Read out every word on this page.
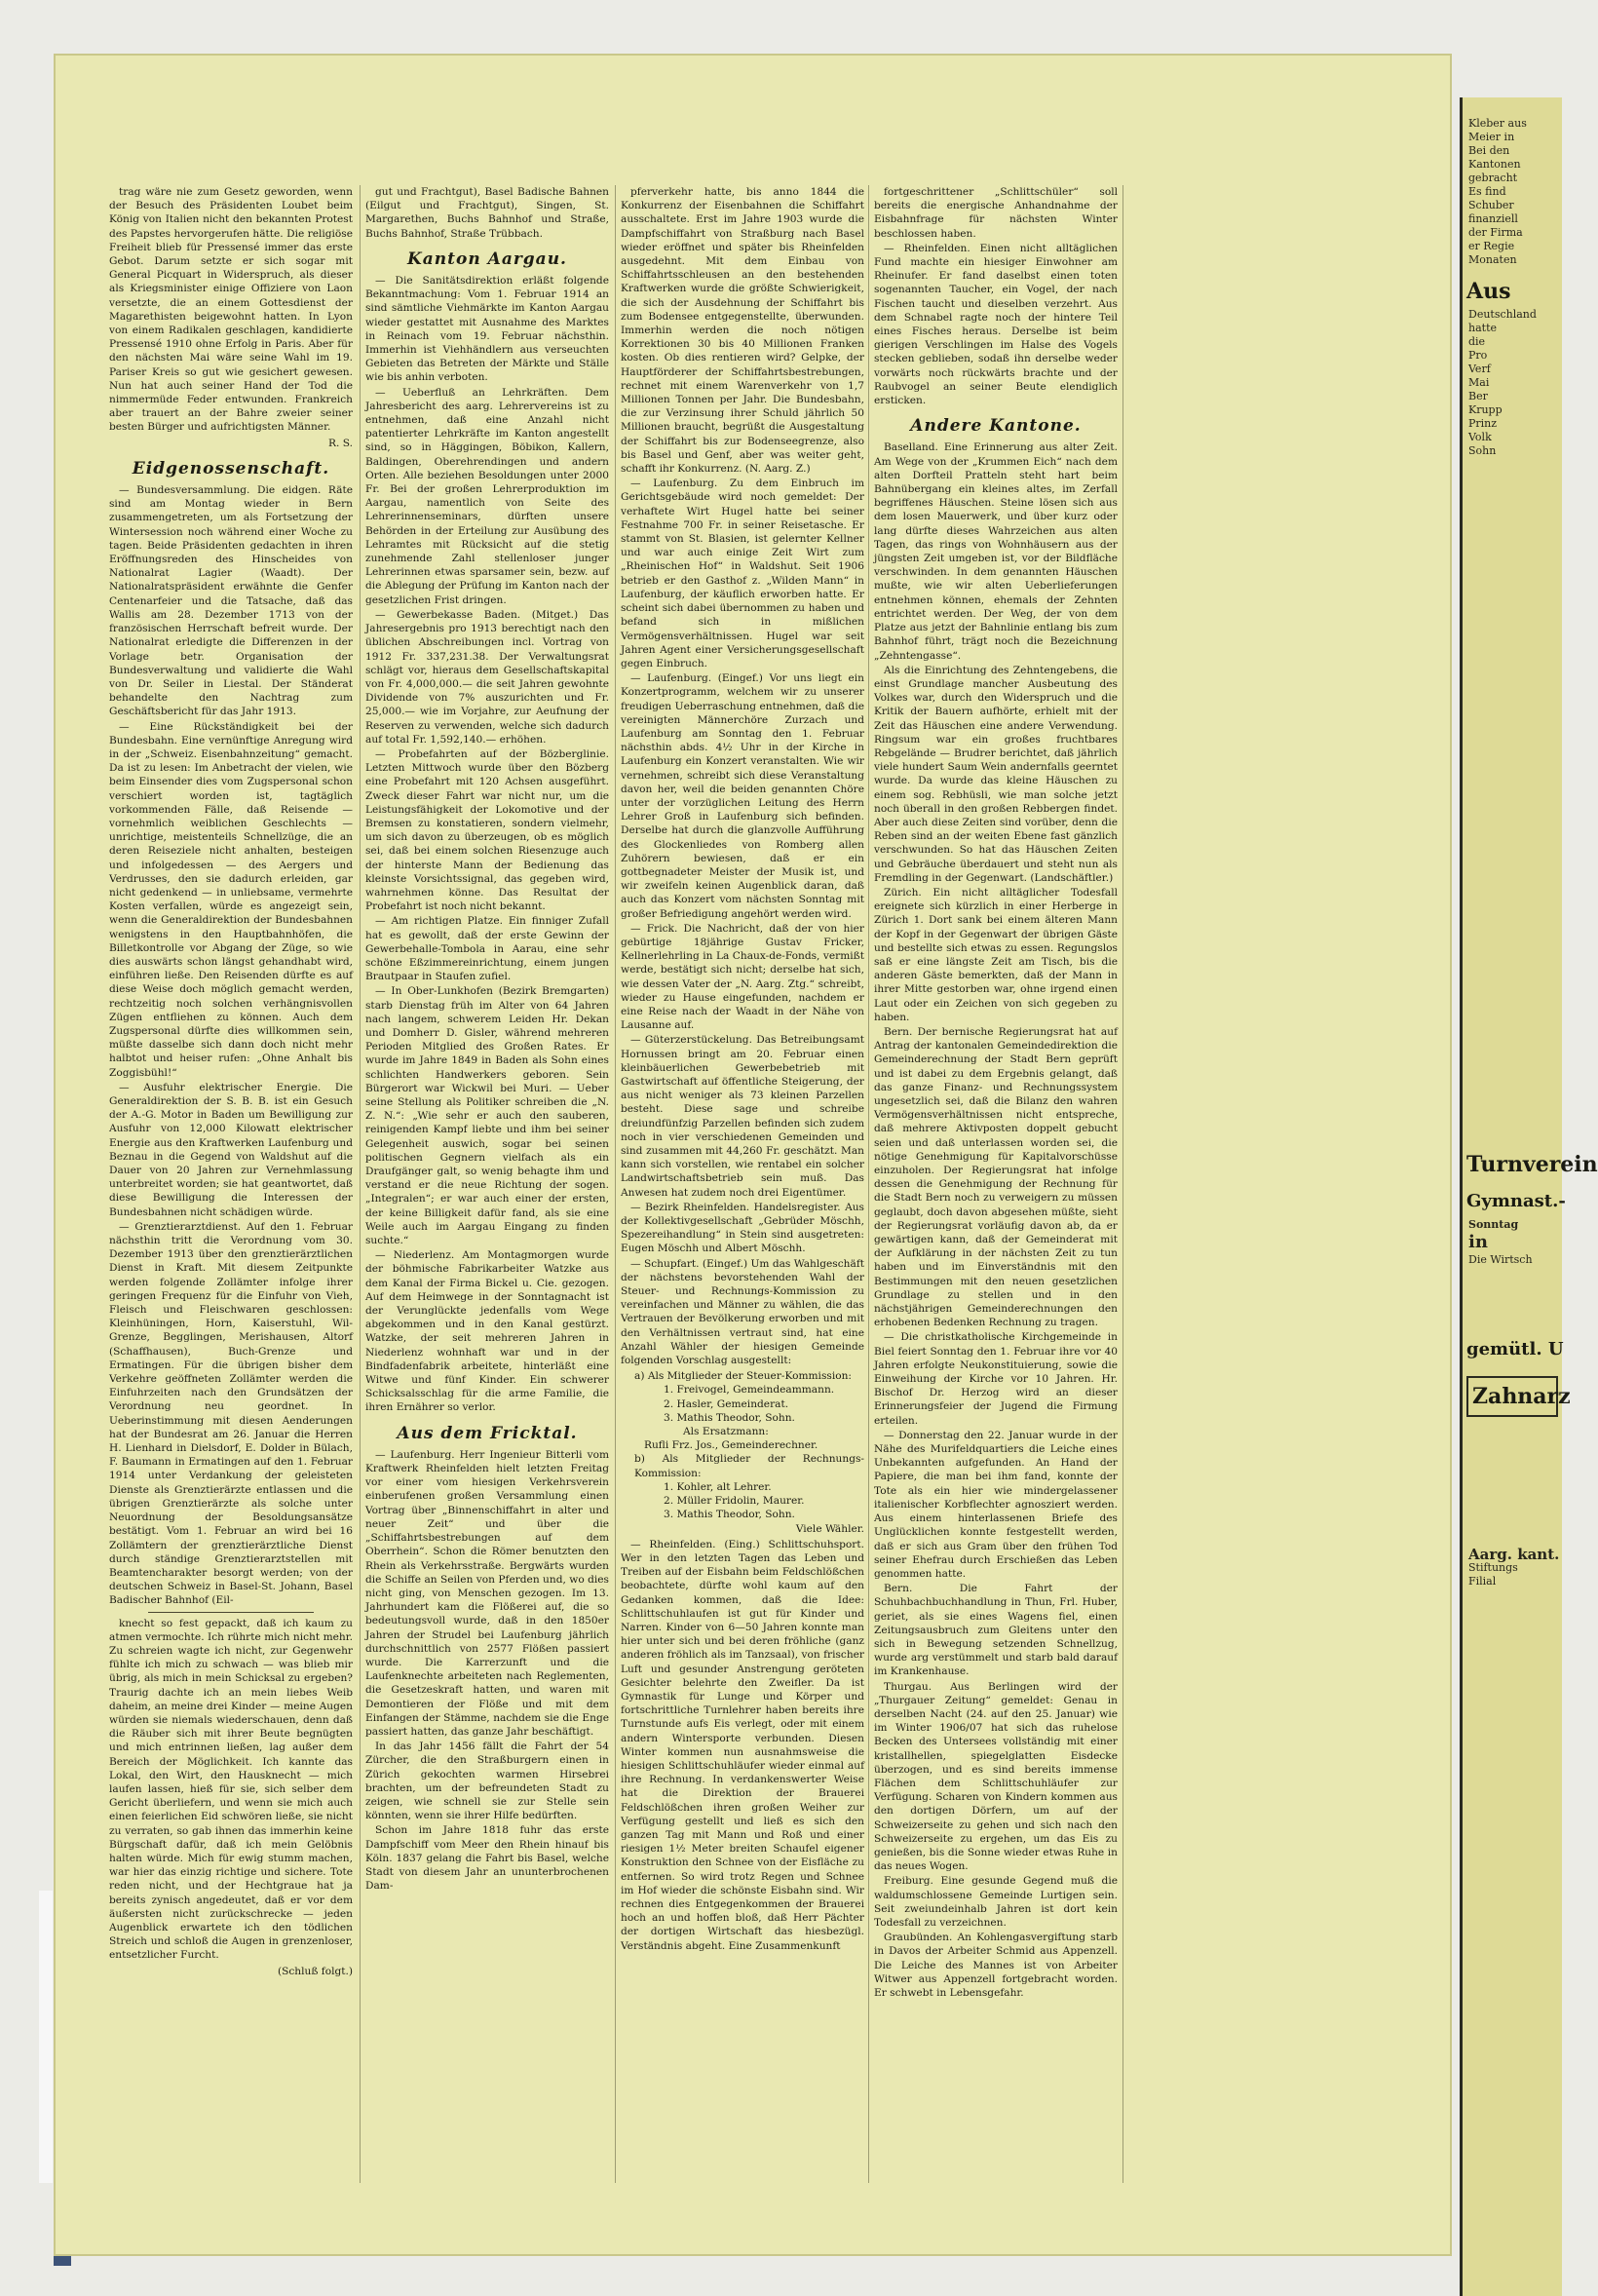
trag wäre nie zum Gesetz geworden, wenn der Besuch des Präsidenten Loubet beim König von Italien nicht den bekannten Protest des Papstes hervorgerufen hätte. Die religiöse Freiheit blieb für Pressensé immer das erste Gebot. Darum setzte er sich sogar mit General Picquart in Widerspruch, als dieser als Kriegsminister einige Offiziere von Laon versetzte, die an einem Gottesdienst der Magarethisten beigewohnt hatten. In Lyon von einem Radikalen geschlagen, kandidierte Pressensé 1910 ohne Erfolg in Paris. Aber für den nächsten Mai wäre seine Wahl im 19. Pariser Kreis so gut wie gesichert gewesen. Nun hat auch seiner Hand der Tod die nimmermüde Feder entwunden. Frankreich aber trauert an der Bahre zweier seiner besten Bürger und aufrichtigsten Männer.

R. S.
Eidgenossenschaft.

— Bundesversammlung. Die eidgen. Räte sind am Montag wieder in Bern zusammengetreten, um als Fortsetzung der Wintersession noch während einer Woche zu tagen. Beide Präsidenten gedachten in ihren Eröffnungsreden des Hinscheides von Nationalrat Lagier (Waadt). Der Nationalratspräsident erwähnte die Genfer Centenarfeier und die Tatsache, daß das Wallis am 28. Dezember 1713 von der französischen Herrschaft befreit wurde. Der Nationalrat erledigte die Differenzen in der Vorlage betr. Organisation der Bundesverwaltung und validierte die Wahl von Dr. Seiler in Liestal. Der Ständerat behandelte den Nachtrag zum Geschäftsbericht für das Jahr 1913.

— Eine Rückständigkeit bei der Bundesbahn. Eine vernünftige Anregung wird in der „Schweiz. Eisenbahnzeitung“ gemacht. Da ist zu lesen: Im Anbetracht der vielen, wie beim Einsender dies vom Zugspersonal schon verschiert worden ist, tagtäglich vorkommenden Fälle, daß Reisende — vornehmlich weiblichen Geschlechts — unrichtige, meistenteils Schnellzüge, die an deren Reiseziele nicht anhalten, besteigen und infolgedessen — des Aergers und Verdrusses, den sie dadurch erleiden, gar nicht gedenkend — in unliebsame, vermehrte Kosten verfallen, würde es angezeigt sein, wenn die Generaldirektion der Bundesbahnen wenigstens in den Hauptbahnhöfen, die Billetkontrolle vor Abgang der Züge, so wie dies auswärts schon längst gehandhabt wird, einführen ließe. Den Reisenden dürfte es auf diese Weise doch möglich gemacht werden, rechtzeitig noch solchen verhängnisvollen Zügen entfliehen zu können. Auch dem Zugspersonal dürfte dies willkommen sein, müßte dasselbe sich dann doch nicht mehr halbtot und heiser rufen: „Ohne Anhalt bis Zoggisbühl!“

— Ausfuhr elektrischer Energie. Die Generaldirektion der S. B. B. ist ein Gesuch der A.-G. Motor in Baden um Bewilligung zur Ausfuhr von 12,000 Kilowatt elektrischer Energie aus den Kraftwerken Laufenburg und Beznau in die Gegend von Waldshut auf die Dauer von 20 Jahren zur Vernehmlassung unterbreitet worden; sie hat geantwortet, daß diese Bewilligung die Interessen der Bundesbahnen nicht schädigen würde.

— Grenztierarztdienst. Auf den 1. Februar nächsthin tritt die Verordnung vom 30. Dezember 1913 über den grenztierärztlichen Dienst in Kraft. Mit diesem Zeitpunkte werden folgende Zollämter infolge ihrer geringen Frequenz für die Einfuhr von Vieh, Fleisch und Fleischwaren geschlossen: Kleinhüningen, Horn, Kaiserstuhl, Wil-Grenze, Begglingen, Merishausen, Altorf (Schaffhausen), Buch-Grenze und Ermatingen. Für die übrigen bisher dem Verkehre geöffneten Zollämter werden die Einfuhrzeiten nach den Grundsätzen der Verordnung neu geordnet. In Ueberinstimmung mit diesen Aenderungen hat der Bundesrat am 26. Januar die Herren H. Lienhard in Dielsdorf, E. Dolder in Bülach, F. Baumann in Ermatingen auf den 1. Februar 1914 unter Verdankung der geleisteten Dienste als Grenztierärzte entlassen und die übrigen Grenztierärzte als solche unter Neuordnung der Besoldungsansätze bestätigt. Vom 1. Februar an wird bei 16 Zollämtern der grenztierärztliche Dienst durch ständige Grenztierarztstellen mit Beamtencharakter besorgt werden; von der deutschen Schweiz in Basel-St. Johann, Basel Badischer Bahnhof (Eil-

knecht so fest gepackt, daß ich kaum zu atmen vermochte. Ich rührte mich nicht mehr. Zu schreien wagte ich nicht, zur Gegenwehr fühlte ich mich zu schwach — was blieb mir übrig, als mich in mein Schicksal zu ergeben? Traurig dachte ich an mein liebes Weib daheim, an meine drei Kinder — meine Augen würden sie niemals wiederschauen, denn daß die Räuber sich mit ihrer Beute begnügten und mich entrinnen ließen, lag außer dem Bereich der Möglichkeit. Ich kannte das Lokal, den Wirt, den Hausknecht — mich laufen lassen, hieß für sie, sich selber dem Gericht überliefern, und wenn sie mich auch einen feierlichen Eid schwören ließe, sie nicht zu verraten, so gab ihnen das immerhin keine Bürgschaft dafür, daß ich mein Gelöbnis halten würde. Mich für ewig stumm machen, war hier das einzig richtige und sichere. Tote reden nicht, und der Hechtgraue hat ja bereits zynisch angedeutet, daß er vor dem äußersten nicht zurückschrecke — jeden Augenblick erwartete ich den tödlichen Streich und schloß die Augen in grenzenloser, entsetzlicher Furcht.

(Schluß folgt.)

gut und Frachtgut), Basel Badische Bahnen (Eilgut und Frachtgut), Singen, St. Margarethen, Buchs Bahnhof und Straße, Buchs Bahnhof, Straße Trübbach.

Kanton Aargau.

— Die Sanitätsdirektion erläßt folgende Bekanntmachung: Vom 1. Februar 1914 an sind sämtliche Viehmärkte im Kanton Aargau wieder gestattet mit Ausnahme des Marktes in Reinach vom 19. Februar nächsthin. Immerhin ist Viehhändlern aus verseuchten Gebieten das Betreten der Märkte und Ställe wie bis anhin verboten.

— Ueberfluß an Lehrkräften. Dem Jahresbericht des aarg. Lehrervereins ist zu entnehmen, daß eine Anzahl nicht patentierter Lehrkräfte im Kanton angestellt sind, so in Häggingen, Böbikon, Kallern, Baldingen, Oberehrendingen und andern Orten. Alle beziehen Besoldungen unter 2000 Fr. Bei der großen Lehrerproduktion im Aargau, namentlich von Seite des Lehrerinnenseminars, dürften unsere Behörden in der Erteilung zur Ausübung des Lehramtes mit Rücksicht auf die stetig zunehmende Zahl stellenloser junger Lehrerinnen etwas sparsamer sein, bezw. auf die Ablegung der Prüfung im Kanton nach der gesetzlichen Frist dringen.

— Gewerbekasse Baden. (Mitget.) Das Jahresergebnis pro 1913 berechtigt nach den üblichen Abschreibungen incl. Vortrag von 1912 Fr. 337,231.38. Der Verwaltungsrat schlägt vor, hieraus dem Gesellschaftskapital von Fr. 4,000,000.— die seit Jahren gewohnte Dividende von 7% auszurichten und Fr. 25,000.— wie im Vorjahre, zur Aeufnung der Reserven zu verwenden, welche sich dadurch auf total Fr. 1,592,140.— erhöhen.

— Probefahrten auf der Bözberglinie. Letzten Mittwoch wurde über den Bözberg eine Probefahrt mit 120 Achsen ausgeführt. Zweck dieser Fahrt war nicht nur, um die Leistungsfähigkeit der Lokomotive und der Bremsen zu konstatieren, sondern vielmehr, um sich davon zu überzeugen, ob es möglich sei, daß bei einem solchen Riesenzuge auch der hinterste Mann der Bedienung das kleinste Vorsichtssignal, das gegeben wird, wahrnehmen könne. Das Resultat der Probefahrt ist noch nicht bekannt.

— Am richtigen Platze. Ein finniger Zufall hat es gewollt, daß der erste Gewinn der Gewerbehalle-Tombola in Aarau, eine sehr schöne Eßzimmereinrichtung, einem jungen Brautpaar in Staufen zufiel.

— In Ober-Lunkhofen (Bezirk Bremgarten) starb Dienstag früh im Alter von 64 Jahren nach langem, schwerem Leiden Hr. Dekan und Domherr D. Gisler, während mehreren Perioden Mitglied des Großen Rates. Er wurde im Jahre 1849 in Baden als Sohn eines schlichten Handwerkers geboren. Sein Bürgerort war Wickwil bei Muri. — Ueber seine Stellung als Politiker schreiben die „N. Z. N.“: „Wie sehr er auch den sauberen, reinigenden Kampf liebte und ihm bei seiner Gelegenheit auswich, sogar bei seinen politischen Gegnern vielfach als ein Draufgänger galt, so wenig behagte ihm und verstand er die neue Richtung der sogen. „Integralen“; er war auch einer der ersten, der keine Billigkeit dafür fand, als sie eine Weile auch im Aargau Eingang zu finden suchte.“

— Niederlenz. Am Montagmorgen wurde der böhmische Fabrikarbeiter Watzke aus dem Kanal der Firma Bickel u. Cie. gezogen. Auf dem Heimwege in der Sonntagnacht ist der Verunglückte jedenfalls vom Wege abgekommen und in den Kanal gestürzt. Watzke, der seit mehreren Jahren in Niederlenz wohnhaft war und in der Bindfadenfabrik arbeitete, hinterläßt eine Witwe und fünf Kinder. Ein schwerer Schicksalsschlag für die arme Familie, die ihren Ernährer so verlor.

Aus dem Fricktal.

— Laufenburg. Herr Ingenieur Bitterli vom Kraftwerk Rheinfelden hielt letzten Freitag vor einer vom hiesigen Verkehrsverein einberufenen großen Versammlung einen Vortrag über „Binnenschiffahrt in alter und neuer Zeit“ und über die „Schiffahrtsbestrebungen auf dem Oberrhein“. Schon die Römer benutzten den Rhein als Verkehrsstraße. Bergwärts wurden die Schiffe an Seilen von Pferden und, wo dies nicht ging, von Menschen gezogen. Im 13. Jahrhundert kam die Flößerei auf, die so bedeutungsvoll wurde, daß in den 1850er Jahren der Strudel bei Laufenburg jährlich durchschnittlich von 2577 Flößen passiert wurde. Die Karrerzunft und die Laufenknechte arbeiteten nach Reglementen, die Gesetzeskraft hatten, und waren mit Demontieren der Flöße und mit dem Einfangen der Stämme, nachdem sie die Enge passiert hatten, das ganze Jahr beschäftigt.

In das Jahr 1456 fällt die Fahrt der 54 Zürcher, die den Straßburgern einen in Zürich gekochten warmen Hirsebrei brachten, um der befreundeten Stadt zu zeigen, wie schnell sie zur Stelle sein könnten, wenn sie ihrer Hilfe bedürften.

Schon im Jahre 1818 fuhr das erste Dampfschiff vom Meer den Rhein hinauf bis Köln. 1837 gelang die Fahrt bis Basel, welche Stadt von diesem Jahr an ununterbrochenen Dam-

pferverkehr hatte, bis anno 1844 die Konkurrenz der Eisenbahnen die Schiffahrt ausschaltete. Erst im Jahre 1903 wurde die Dampfschiffahrt von Straßburg nach Basel wieder eröffnet und später bis Rheinfelden ausgedehnt. Mit dem Einbau von Schiffahrtsschleusen an den bestehenden Kraftwerken wurde die größte Schwierigkeit, die sich der Ausdehnung der Schiffahrt bis zum Bodensee entgegenstellte, überwunden. Immerhin werden die noch nötigen Korrektionen 30 bis 40 Millionen Franken kosten. Ob dies rentieren wird? Gelpke, der Hauptförderer der Schiffahrtsbestrebungen, rechnet mit einem Warenverkehr von 1,7 Millionen Tonnen per Jahr. Die Bundesbahn, die zur Verzinsung ihrer Schuld jährlich 50 Millionen braucht, begrüßt die Ausgestaltung der Schiffahrt bis zur Bodenseegrenze, also bis Basel und Genf, aber was weiter geht, schafft ihr Konkurrenz. (N. Aarg. Z.)

— Laufenburg. Zu dem Einbruch im Gerichtsgebäude wird noch gemeldet: Der verhaftete Wirt Hugel hatte bei seiner Festnahme 700 Fr. in seiner Reisetasche. Er stammt von St. Blasien, ist gelernter Kellner und war auch einige Zeit Wirt zum „Rheinischen Hof“ in Waldshut. Seit 1906 betrieb er den Gasthof z. „Wilden Mann“ in Laufenburg, der käuflich erworben hatte. Er scheint sich dabei übernommen zu haben und befand sich in mißlichen Vermögensverhältnissen. Hugel war seit Jahren Agent einer Versicherungsgesellschaft gegen Einbruch.

— Laufenburg. (Eingef.) Vor uns liegt ein Konzertprogramm, welchem wir zu unserer freudigen Ueberraschung entnehmen, daß die vereinigten Männerchöre Zurzach und Laufenburg am Sonntag den 1. Februar nächsthin abds. 4½ Uhr in der Kirche in Laufenburg ein Konzert veranstalten. Wie wir vernehmen, schreibt sich diese Veranstaltung davon her, weil die beiden genannten Chöre unter der vorzüglichen Leitung des Herrn Lehrer Groß in Laufenburg sich befinden. Derselbe hat durch die glanzvolle Aufführung des Glockenliedes von Romberg allen Zuhörern bewiesen, daß er ein gottbegnadeter Meister der Musik ist, und wir zweifeln keinen Augenblick daran, daß auch das Konzert vom nächsten Sonntag mit großer Befriedigung angehört werden wird.

— Frick. Die Nachricht, daß der von hier gebürtige 18jährige Gustav Fricker, Kellnerlehrling in La Chaux-de-Fonds, vermißt werde, bestätigt sich nicht; derselbe hat sich, wie dessen Vater der „N. Aarg. Ztg.“ schreibt, wieder zu Hause eingefunden, nachdem er eine Reise nach der Waadt in der Nähe von Lausanne auf.

— Güterzerstückelung. Das Betreibungsamt Hornussen bringt am 20. Februar einen kleinbäuerlichen Gewerbebetrieb mit Gastwirtschaft auf öffentliche Steigerung, der aus nicht weniger als 73 kleinen Parzellen besteht. Diese sage und schreibe dreiundfünfzig Parzellen befinden sich zudem noch in vier verschiedenen Gemeinden und sind zusammen mit 44,260 Fr. geschätzt. Man kann sich vorstellen, wie rentabel ein solcher Landwirtschaftsbetrieb sein muß. Das Anwesen hat zudem noch drei Eigentümer.

— Bezirk Rheinfelden. Handelsregister. Aus der Kollektivgesellschaft „Gebrüder Möschh, Spezereihandlung“ in Stein sind ausgetreten: Eugen Möschh und Albert Möschh.

— Schupfart. (Eingef.) Um das Wahlgeschäft der nächstens bevorstehenden Wahl der Steuer- und Rechnungs-Kommission zu vereinfachen und Männer zu wählen, die das Vertrauen der Bevölkerung erworben und mit den Verhältnissen vertraut sind, hat eine Anzahl Wähler der hiesigen Gemeinde folgenden Vorschlag ausgestellt:

a) Als Mitglieder der Steuer-Kommission:
1. Freivogel, Gemeindeammann.
2. Hasler, Gemeinderat.
3. Mathis Theodor, Sohn.
Als Ersatzmann:
Rufli Frz. Jos., Gemeinderechner.
b) Als Mitglieder der Rechnungs-Kommission:
1. Kohler, alt Lehrer.
2. Müller Fridolin, Maurer.
3. Mathis Theodor, Sohn.
Viele Wähler.

— Rheinfelden. (Eing.) Schlittschuhsport. Wer in den letzten Tagen das Leben und Treiben auf der Eisbahn beim Feldschlößchen beobachtete, dürfte wohl kaum auf den Gedanken kommen, daß die Idee: Schlittschuhlaufen ist gut für Kinder und Narren. Kinder von 6—50 Jahren konnte man hier unter sich und bei deren fröhliche (ganz anderen fröhlich als im Tanzsaal), von frischer Luft und gesunder Anstrengung geröteten Gesichter belehrte den Zweifler. Da ist Gymnastik für Lunge und Körper und fortschrittliche Turnlehrer haben bereits ihre Turnstunde aufs Eis verlegt, oder mit einem andern Wintersporte verbunden. Diesen Winter kommen nun ausnahmsweise die hiesigen Schlittschuhläufer wieder einmal auf ihre Rechnung. In verdankenswerter Weise hat die Direktion der Brauerei Feldschlößchen ihren großen Weiher zur Verfügung gestellt und ließ es sich den ganzen Tag mit Mann und Roß und einer riesigen 1½ Meter breiten Schaufel eigener Konstruktion den Schnee von der Eisfläche zu entfernen. So wird trotz Regen und Schnee im Hof wieder die schönste Eisbahn sind. Wir rechnen dies Entgegenkommen der Brauerei hoch an und hoffen bloß, daß Herr Pächter der dortigen Wirtschaft das hiesbezügl. Verständnis abgeht. Eine Zusammenkunft

fortgeschrittener „Schlittschüler“ soll bereits die energische Anhandnahme der Eisbahnfrage für nächsten Winter beschlossen haben.

— Rheinfelden. Einen nicht alltäglichen Fund machte ein hiesiger Einwohner am Rheinufer. Er fand daselbst einen toten sogenannten Taucher, ein Vogel, der nach Fischen taucht und dieselben verzehrt. Aus dem Schnabel ragte noch der hintere Teil eines Fisches heraus. Derselbe ist beim gierigen Verschlingen im Halse des Vogels stecken geblieben, sodaß ihn derselbe weder vorwärts noch rückwärts brachte und der Raubvogel an seiner Beute elendiglich ersticken.

Andere Kantone.

Baselland. Eine Erinnerung aus alter Zeit. Am Wege von der „Krummen Eich“ nach dem alten Dorfteil Pratteln steht hart beim Bahnübergang ein kleines altes, im Zerfall begriffenes Häuschen. Steine lösen sich aus dem losen Mauerwerk, und über kurz oder lang dürfte dieses Wahrzeichen aus alten Tagen, das rings von Wohnhäusern aus der jüngsten Zeit umgeben ist, vor der Bildfläche verschwinden. In dem genannten Häuschen mußte, wie wir alten Ueberlieferungen entnehmen können, ehemals der Zehnten entrichtet werden. Der Weg, der von dem Platze aus jetzt der Bahnlinie entlang bis zum Bahnhof führt, trägt noch die Bezeichnung „Zehntengasse“.

Als die Einrichtung des Zehntengebens, die einst Grundlage mancher Ausbeutung des Volkes war, durch den Widerspruch und die Kritik der Bauern aufhörte, erhielt mit der Zeit das Häuschen eine andere Verwendung. Ringsum war ein großes fruchtbares Rebgelände — Brudrer berichtet, daß jährlich viele hundert Saum Wein andernfalls geerntet wurde. Da wurde das kleine Häuschen zu einem sog. Rebhüsli, wie man solche jetzt noch überall in den großen Rebbergen findet. Aber auch diese Zeiten sind vorüber, denn die Reben sind an der weiten Ebene fast gänzlich verschwunden. So hat das Häuschen Zeiten und Gebräuche überdauert und steht nun als Fremdling in der Gegenwart. (Landschäftler.)

Zürich. Ein nicht alltäglicher Todesfall ereignete sich kürzlich in einer Herberge in Zürich 1. Dort sank bei einem älteren Mann der Kopf in der Gegenwart der übrigen Gäste und bestellte sich etwas zu essen. Regungslos saß er eine längste Zeit am Tisch, bis die anderen Gäste bemerkten, daß der Mann in ihrer Mitte gestorben war, ohne irgend einen Laut oder ein Zeichen von sich gegeben zu haben.

Bern. Der bernische Regierungsrat hat auf Antrag der kantonalen Gemeindedirektion die Gemeinderechnung der Stadt Bern geprüft und ist dabei zu dem Ergebnis gelangt, daß das ganze Finanz- und Rechnungssystem ungesetzlich sei, daß die Bilanz den wahren Vermögensverhältnissen nicht entspreche, daß mehrere Aktivposten doppelt gebucht seien und daß unterlassen worden sei, die nötige Genehmigung für Kapitalvorschüsse einzuholen. Der Regierungsrat hat infolge dessen die Genehmigung der Rechnung für die Stadt Bern noch zu verweigern zu müssen geglaubt, doch davon abgesehen müßte, sieht der Regierungsrat vorläufig davon ab, da er gewärtigen kann, daß der Gemeinderat mit der Aufklärung in der nächsten Zeit zu tun haben und im Einverständnis mit den Bestimmungen mit den neuen gesetzlichen Grundlage zu stellen und in den nächstjährigen Gemeinderechnungen den erhobenen Bedenken Rechnung zu tragen.

— Die christkatholische Kirchgemeinde in Biel feiert Sonntag den 1. Februar ihre vor 40 Jahren erfolgte Neukonstituierung, sowie die Einweihung der Kirche vor 10 Jahren. Hr. Bischof Dr. Herzog wird an dieser Erinnerungsfeier der Jugend die Firmung erteilen.

— Donnerstag den 22. Januar wurde in der Nähe des Murifeldquartiers die Leiche eines Unbekannten aufgefunden. An Hand der Papiere, die man bei ihm fand, konnte der Tote als ein hier wie mindergelassener italienischer Korbflechter agnosziert werden. Aus einem hinterlassenen Briefe des Unglücklichen konnte festgestellt werden, daß er sich aus Gram über den frühen Tod seiner Ehefrau durch Erschießen das Leben genommen hatte.

Bern. Die Fahrt der Schuhbachbuchhandlung in Thun, Frl. Huber, geriet, als sie eines Wagens fiel, einen Zeitungsausbruch zum Gleitens unter den sich in Bewegung setzenden Schnellzug, wurde arg verstümmelt und starb bald darauf im Krankenhause.

Thurgau. Aus Berlingen wird der „Thurgauer Zeitung“ gemeldet: Genau in derselben Nacht (24. auf den 25. Januar) wie im Winter 1906/07 hat sich das ruhelose Becken des Untersees vollständig mit einer kristallhellen, spiegelglatten Eisdecke überzogen, und es sind bereits immense Flächen dem Schlittschuhläufer zur Verfügung. Scharen von Kindern kommen aus den dortigen Dörfern, um auf der Schweizerseite zu gehen und sich nach den Schweizerseite zu ergehen, um das Eis zu genießen, bis die Sonne wieder etwas Ruhe in das neues Wogen.

Freiburg. Eine gesunde Gegend muß die waldumschlossene Gemeinde Lurtigen sein. Seit zweiundeinhalb Jahren ist dort kein Todesfall zu verzeichnen.

Graubünden. An Kohlengasvergiftung starb in Davos der Arbeiter Schmid aus Appenzell. Die Leiche des Mannes ist von Arbeiter Witwer aus Appenzell fortgebracht worden. Er schwebt in Lebensgefahr.

Kleber aus
Meier in
Bei den
Kantonen
gebracht
Es find
Schuber
finanziell
der Firma
er Regie
Monaten
Aus
Deutschland
hatte
die
Pro
Verf
Mai
Ber
Krupp
Prinz
Volk
Sohn
Turnverein
Gymnast.-
Sonntag
in
Die Wirtsch
gemütl. U
Zahnarz
Aarg. kant.
Stiftungs
Filial
